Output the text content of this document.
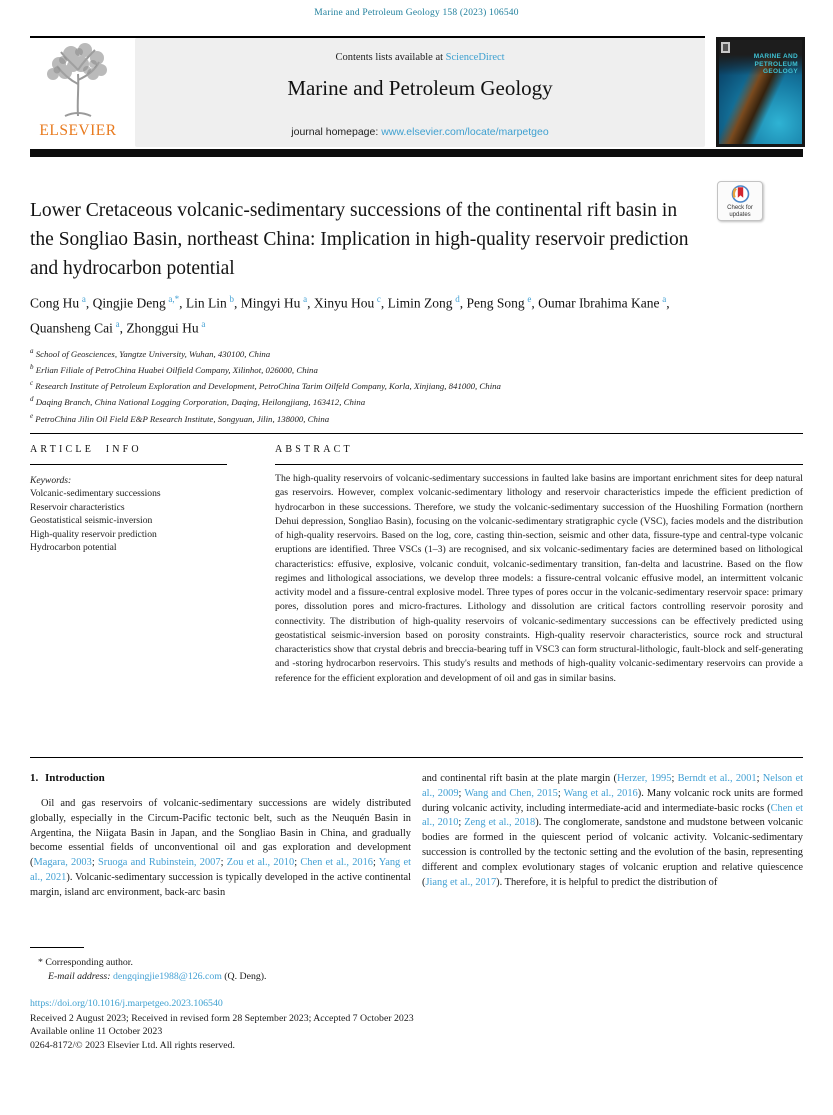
Marine and Petroleum Geology 158 (2023) 106540
ELSEVIER
Contents lists available at ScienceDirect
Marine and Petroleum Geology
journal homepage: www.elsevier.com/locate/marpetgeo
MARINE AND
PETROLEUM
GEOLOGY
Lower Cretaceous volcanic-sedimentary successions of the continental rift basin in the Songliao Basin, northeast China: Implication in high-quality reservoir prediction and hydrocarbon potential
Check for
updates
Cong Hu $^a$, Qingjie Deng $^{a,*}$, Lin Lin $^b$, Mingyi Hu $^a$, Xinyu Hou $^c$, Limin Zong $^d$, Peng Song $^e$, Oumar Ibrahima Kane $^a$, Quansheng Cai $^a$, Zhonggui Hu $^a$
$^a$ School of Geosciences, Yangtze University, Wuhan, 430100, China
$^b$ Erlian Filiale of PetroChina Huabei Oilfield Company, Xilinhot, 026000, China
$^c$ Research Institute of Petroleum Exploration and Development, PetroChina Tarim Oilfeld Company, Korla, Xinjiang, 841000, China
$^d$ Daqing Branch, China National Logging Corporation, Daqing, Heilongjiang, 163412, China
$^e$ PetroChina Jilin Oil Field E&P Research Institute, Songyuan, Jilin, 138000, China
ARTICLE INFO	ABSTRACT
Keywords:
Volcanic-sedimentary successions
Reservoir characteristics
Geostatistical seismic-inversion
High-quality reservoir prediction
Hydrocarbon potential
The high-quality reservoirs of volcanic-sedimentary successions in faulted lake basins are important enrichment sites for deep natural gas reservoirs. However, complex volcanic-sedimentary lithology and reservoir characteristics impede the efficient prediction of hydrocarbon in these successions. Therefore, we study the volcanic-sedimentary succession of the Huoshiling Formation (northern Dehui depression, Songliao Basin), focusing on the volcanic-sedimentary stratigraphic cycle (VSC), facies models and the distribution of high-quality reservoirs. Based on the log, core, casting thin-section, seismic and other data, fissure-type and central-type volcanic eruptions are identified. Three VSCs (1–3) are recognised, and six volcanic-sedimentary facies are determined based on lithological characteristics: effusive, explosive, volcanic conduit, volcanic-sedimentary transition, fan-delta and lacustrine. Based on the flow regimes and lithological associations, we develop three models: a fissure-central volcanic effusive model, an intermittent volcanic activity model and a fissure-central explosive model. Three types of pores occur in the volcanic-sedimentary reservoir space: primary pores, dissolution pores and micro-fractures. Lithology and dissolution are critical factors controlling reservoir porosity and connectivity. The distribution of high-quality reservoirs of volcanic-sedimentary successions can be effectively predicted using geostatistical seismic-inversion based on porosity constraints. High-quality reservoir characteristics, source rock and structural characteristics show that crystal debris and breccia-bearing tuff in VSC3 can form structural-lithologic, fault-block and self-generating and -storing hydrocarbon reservoirs. This study's results and methods of high-quality volcanic-sedimentary reservoirs can provide a reference for the efficient exploration and development of oil and gas in similar basins.
1. Introduction
Oil and gas reservoirs of volcanic-sedimentary successions are widely distributed globally, especially in the Circum-Pacific tectonic belt, such as the Neuquén Basin in Argentina, the Niigata Basin in Japan, and the Songliao Basin in China, and gradually become essential fields of unconventional oil and gas exploration and development (Magara, 2003; Sruoga and Rubinstein, 2007; Zou et al., 2010; Chen et al., 2016; Yang et al., 2021). Volcanic-sedimentary succession is typically developed in the active continental margin, island arc environment, back-arc basin
and continental rift basin at the plate margin (Herzer, 1995; Berndt et al., 2001; Nelson et al., 2009; Wang and Chen, 2015; Wang et al., 2016). Many volcanic rock units are formed during volcanic activity, including intermediate-acid and intermediate-basic rocks (Chen et al., 2010; Zeng et al., 2018). The conglomerate, sandstone and mudstone between volcanic bodies are formed in the quiescent period of volcanic activity. Volcanic-sedimentary succession is controlled by the tectonic setting and the evolution of the basin, representing different and complex evolutionary stages of volcanic eruption and relative quiescence (Jiang et al., 2017). Therefore, it is helpful to predict the distribution of
* Corresponding author.
E-mail address: dengqingjie1988@126.com (Q. Deng).
https://doi.org/10.1016/j.marpetgeo.2023.106540
Received 2 August 2023; Received in revised form 28 September 2023; Accepted 7 October 2023
Available online 11 October 2023
0264-8172/© 2023 Elsevier Ltd. All rights reserved.
